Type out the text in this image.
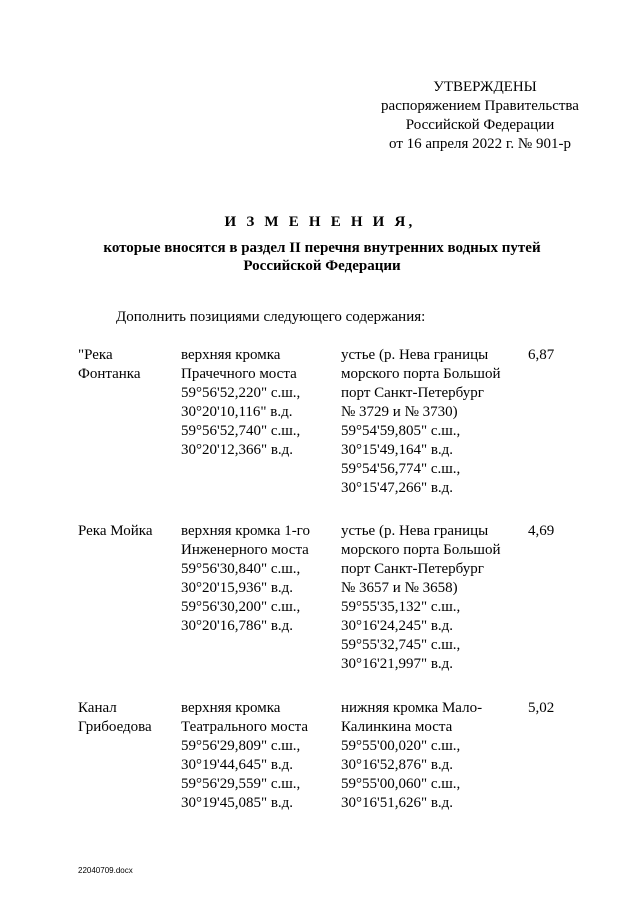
УТВЕРЖДЕНЫ
распоряжением Правительства
Российской Федерации
от 16 апреля 2022 г. № 901-р
И З М Е Н Е Н И Я,
которые вносятся в раздел II перечня внутренних водных путей
Российской Федерации
Дополнить позициями следующего содержания:
"Река
Фонтанка
верхняя кромка
Прачечного моста
59°56'52,220" с.ш.,
30°20'10,116" в.д.
59°56'52,740" с.ш.,
30°20'12,366" в.д.
устье (р. Нева границы
морского порта Большой
порт Санкт-Петербург
№ 3729 и № 3730)
59°54'59,805" с.ш.,
30°15'49,164" в.д.
59°54'56,774" с.ш.,
30°15'47,266" в.д.
6,87
Река Мойка верхняя кромка 1-го
Инженерного моста
59°56'30,840" с.ш.,
30°20'15,936" в.д.
59°56'30,200" с.ш.,
30°20'16,786" в.д.
устье (р. Нева границы
морского порта Большой
порт Санкт-Петербург
№ 3657 и № 3658)
59°55'35,132" с.ш.,
30°16'24,245" в.д.
59°55'32,745" с.ш.,
30°16'21,997" в.д.
4,69
Канал
Грибоедова
верхняя кромка
Театрального моста
59°56'29,809" с.ш.,
30°19'44,645" в.д.
59°56'29,559" с.ш.,
30°19'45,085" в.д.
нижняя кромка Мало-
Калинкина моста
59°55'00,020" с.ш.,
30°16'52,876" в.д.
59°55'00,060" с.ш.,
30°16'51,626" в.д.
5,02
22040709.docx
